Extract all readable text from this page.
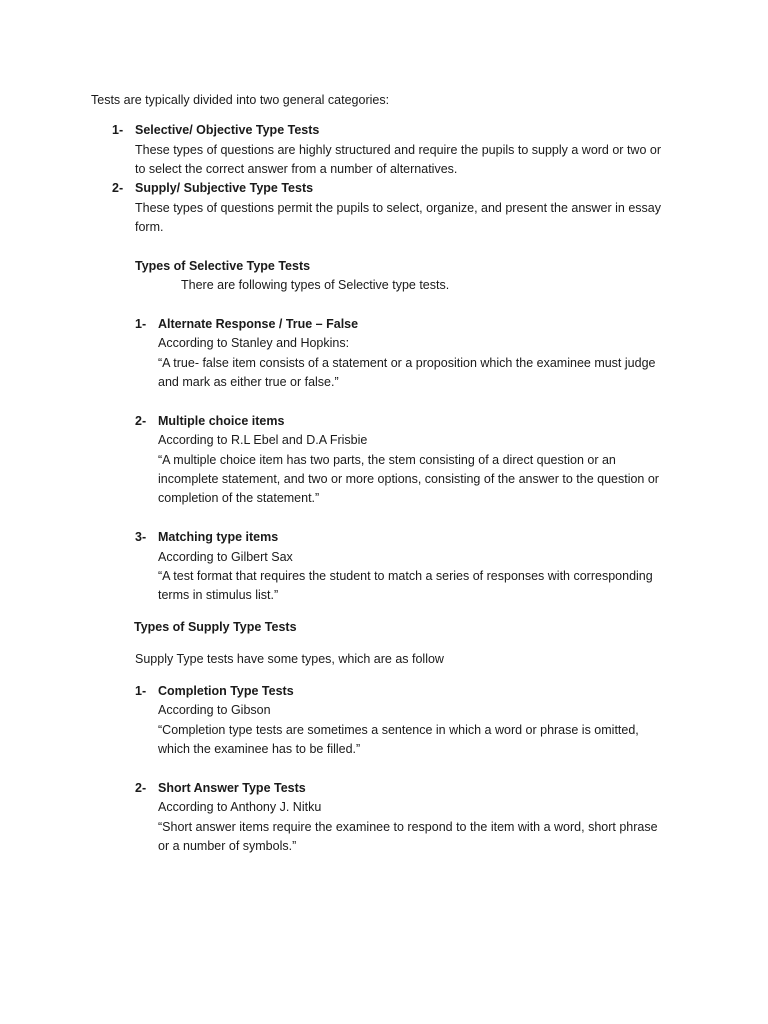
Tests are typically divided into two general categories:
1- Selective/ Objective Type Tests
These types of questions are highly structured and require the pupils to supply a word or two or
to select the correct answer from a number of alternatives.
2- Supply/ Subjective Type Tests
These types of questions permit the pupils to select, organize, and present the answer in essay
form.
Types of Selective Type Tests
There are following types of Selective type tests.
1- Alternate Response / True – False
According to Stanley and Hopkins:
“A true- false item consists of a statement or a proposition which the examinee must judge
and mark as either true or false.”
2- Multiple choice items
According to R.L Ebel and D.A Frisbie
“A multiple choice item has two parts, the stem consisting of a direct question or an
incomplete statement, and two or more options, consisting of the answer to the question or
completion of the statement.”
3- Matching type items
According to Gilbert Sax
“A test format that requires the student to match a series of responses with corresponding
terms in stimulus list.”
Types of Supply Type Tests
Supply Type tests have some types, which are as follow
1- Completion Type Tests
According to Gibson
“Completion type tests are sometimes a sentence in which a word or phrase is omitted,
which the examinee has to be filled.”
2- Short Answer Type Tests
According to Anthony J. Nitku
“Short answer items require the examinee to respond to the item with a word, short phrase
or a number of symbols.”
